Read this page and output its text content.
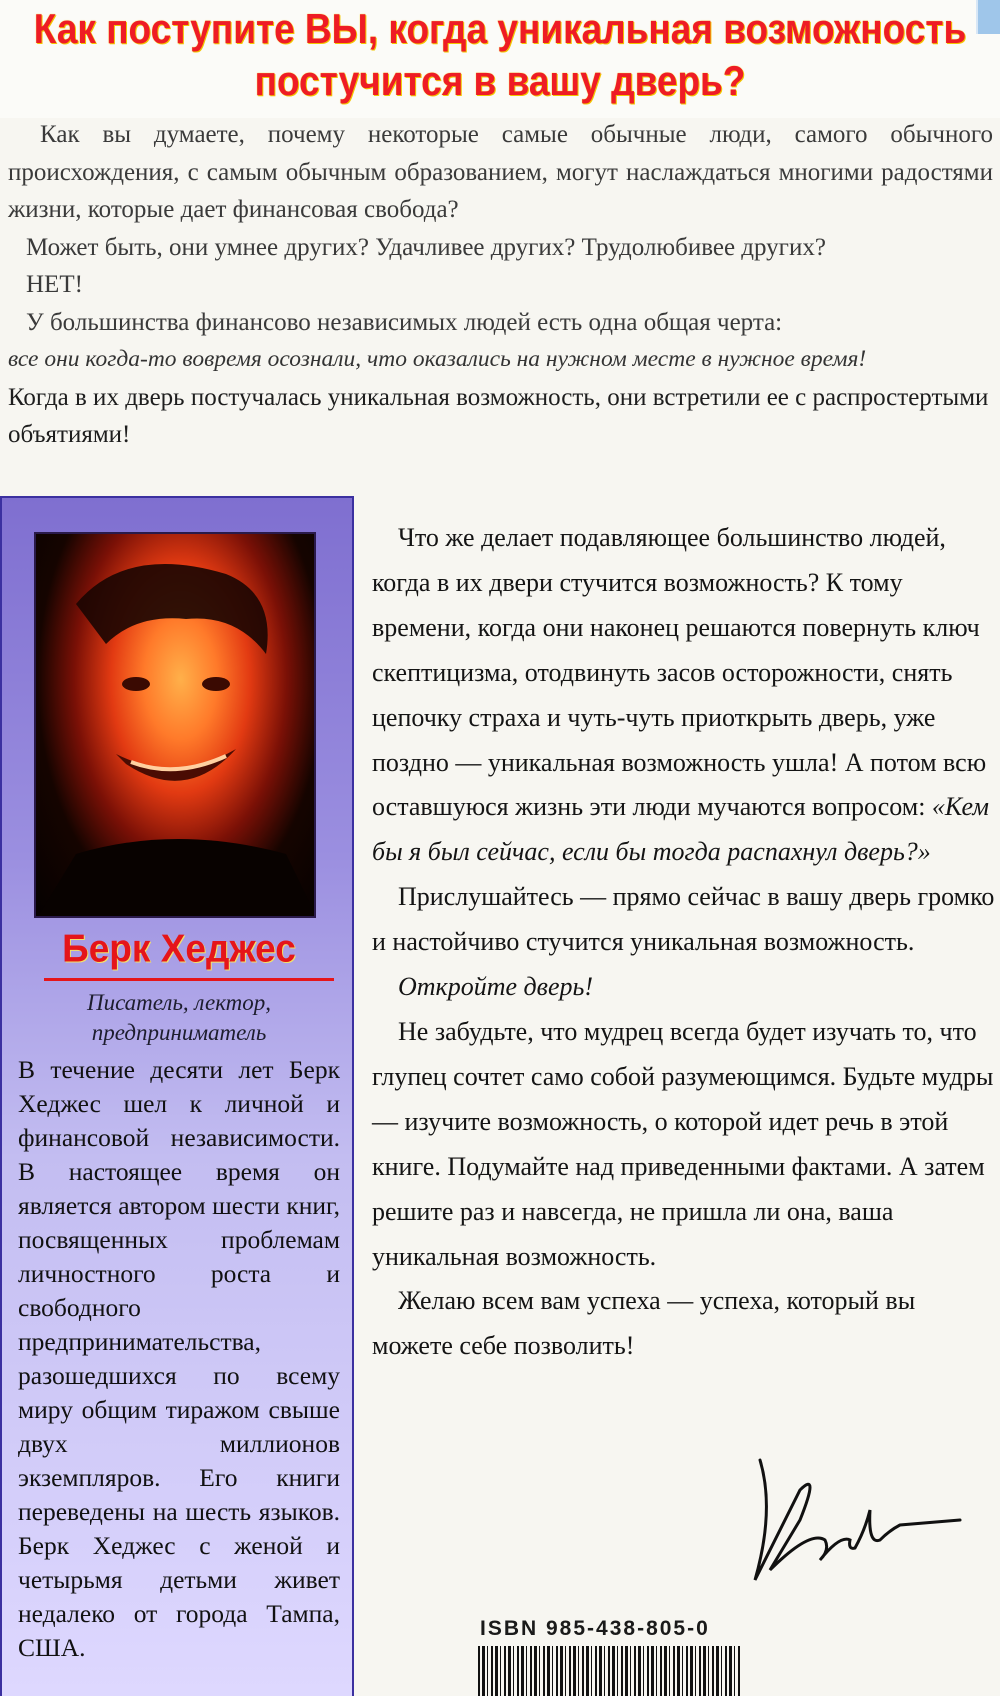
Как поступите ВЫ, когда уникальная возможность
постучится в вашу дверь?

Как вы думаете, почему некоторые самые обычные люди, самого обычного происхождения, с самым обычным образованием, могут наслаждаться многими радостями жизни, которые дает финансовая свобода?

Может быть, они умнее других? Удачливее других? Трудолюбивее других?

НЕТ!

У большинства финансово независимых людей есть одна общая черта:

все они когда-то вовремя осознали, что оказались на нужном месте в нужное время!

Когда в их дверь постучалась уникальная возможность, они встретили ее с распростертыми объятиями!

Берк Хеджес
Писатель, лектор,
предприниматель
В течение десяти лет Берк Хеджес шел к личной и финансовой независимости. В настоящее время он является автором шести книг, посвященных проблемам личностного роста и свободного предпринимательства, разошедшихся по всему миру общим тиражом свыше двух миллионов экземпляров. Его книги переведены на шесть языков. Берк Хеджес с женой и четырьмя детьми живет недалеко от города Тампа, США.

Что же делает подавляющее большинство людей, когда в их двери стучится возможность? К тому времени, когда они наконец решаются повернуть ключ скептицизма, отодвинуть засов осторожности, снять цепочку страха и чуть-чуть приоткрыть дверь, уже поздно — уникальная возможность ушла! А потом всю оставшуюся жизнь эти люди мучаются вопросом: «Кем бы я был сейчас, если бы тогда распахнул дверь?»

Прислушайтесь — прямо сейчас в вашу дверь громко и настойчиво стучится уникальная возможность.

Откройте дверь!

Не забудьте, что мудрец всегда будет изучать то, что глупец сочтет само собой разумеющимся. Будьте мудры — изучите возможность, о которой идет речь в этой книге. Подумайте над приведенными фактами. А затем решите раз и навсегда, не пришла ли она, ваша уникальная возможность.

Желаю всем вам успеха — успеха, который вы можете себе позволить!

ISBN 985-438-805-0
